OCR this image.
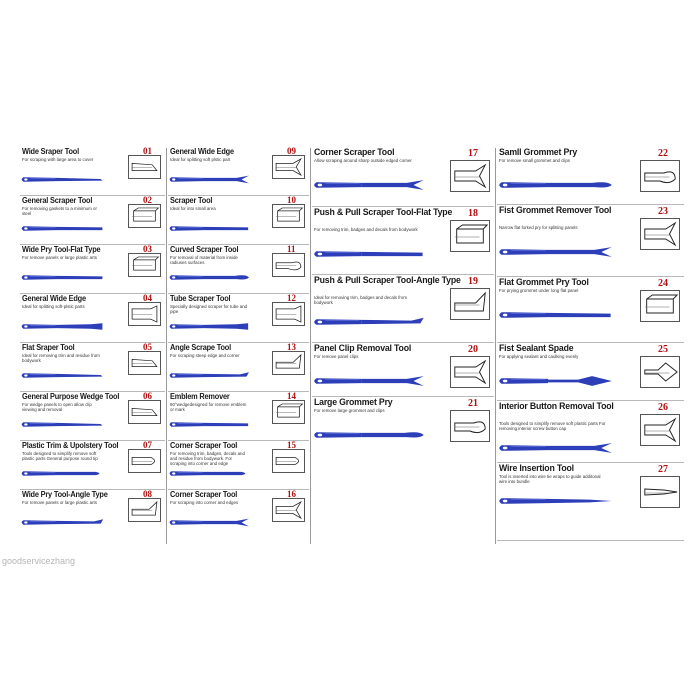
Wide Sraper Tool
For scraping with large area to cover
01
General Scraper Tool
For removing gaskets to a minimum or steel
02
Wide Pry Tool-Flat Type
For remove panels or large plastic arts
03
General Wide Edge
Ideal for splitting soft-plstic parts
04
Flat Sraper Tool
Ideal for removing trim and residue from bodywork
05
General Purpose Wedge Tool
For wedge panels to open allow clip viewing and removal
06
Plastic Trim & Upolstery Tool
Tools designed to simplify remove soft plastic parts General purpose round tip
07
Wide Pry Tool-Angle Type
For remove panels or large plastic arts
08
General Wide Edge
Ideal for splitting soft plstic part
09
Scraper Tool
Ideal for into small area
10
Curved Scraper Tool
For removal of material from inside radiuses surfaces
11
Tube Scraper Tool
Specially designed scraper for tube and pipe
12
Angle Scrape Tool
For scraping steep edge and corner
13
Emblem Remover
90°wedgedesigned for remove emblem or mark
14
Corner Scraper Tool
For removing trim, badges, decals and and residue from bodywork. For scraping into corner and edge
15
Corner Scraper Tool
For scraping into corner and edges
16
Corner Scraper Tool
Allow scraping around sharp outside edged corner
17
Push & Pull Scraper Tool-Flat Type
For removing trim, badges and decals from bodywork
18
Push & Pull Scraper Tool-Angle Type
Ideal for removing trim, badges and decals from bodywork
19
Panel Clip Removal Tool
For remove panel clips
20
Large Grommet Pry
For remove large grommet and clips
21
Samll Grommet Pry
For remove small grommet and clips
22
Fist Grommet Remover Tool
Narrow flat forked pry for splitting panels
23
Flat Grommet Pry Tool
For prying grommet under long flat panel
24
Fist Sealant Spade
For applying sealant and caulking evenly
25
Interior Button Removal Tool
Tools designed to simplify remove soft plastic parts For removing interior screw button cap
26
Wire Insertion Tool
Tool is inserted into wire tie wraps to guide additonal wire into bundle
27
goodservicezhang
